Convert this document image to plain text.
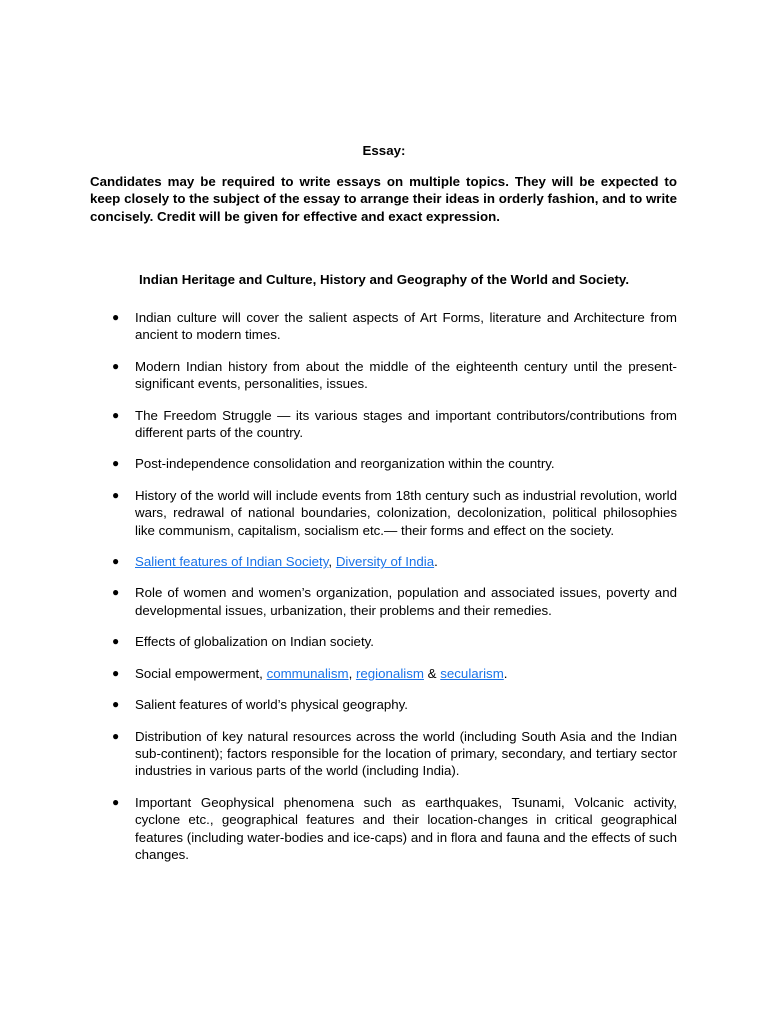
Essay:
Candidates may be required to write essays on multiple topics. They will be expected to keep closely to the subject of the essay to arrange their ideas in orderly fashion, and to write concisely. Credit will be given for effective and exact expression.
Indian Heritage and Culture, History and Geography of the World and Society.
● Indian culture will cover the salient aspects of Art Forms, literature and Architecture from ancient to modern times.
● Modern Indian history from about the middle of the eighteenth century until the present- significant events, personalities, issues.
● The Freedom Struggle — its various stages and important contributors/contributions from different parts of the country.
● Post-independence consolidation and reorganization within the country.
● History of the world will include events from 18th century such as industrial revolution, world wars, redrawal of national boundaries, colonization, decolonization, political philosophies like communism, capitalism, socialism etc.— their forms and effect on the society.
● Salient features of Indian Society, Diversity of India.
● Role of women and women’s organization, population and associated issues, poverty and developmental issues, urbanization, their problems and their remedies.
● Effects of globalization on Indian society.
● Social empowerment, communalism, regionalism & secularism.
● Salient features of world’s physical geography.
● Distribution of key natural resources across the world (including South Asia and the Indian sub-continent); factors responsible for the location of primary, secondary, and tertiary sector industries in various parts of the world (including India).
● Important Geophysical phenomena such as earthquakes, Tsunami, Volcanic activity, cyclone etc., geographical features and their location-changes in critical geographical features (including water-bodies and ice-caps) and in flora and fauna and the effects of such changes.
